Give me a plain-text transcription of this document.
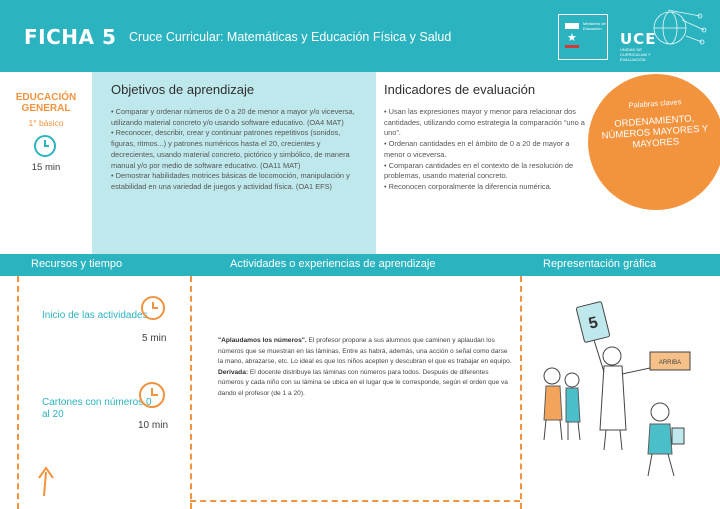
FICHA 5 Cruce Curricular: Matemáticas y Educación Física y Salud	★
Ministerio de Educación
UCE
UNIDAD DE CURRICULUM Y EVALUACIÓN
EDUCACIÓN GENERAL
1° básico
15 min
Objetivos de aprendizaje
• Comparar y ordenar números de 0 a 20 de menor a mayor y/o viceversa, utilizando material concreto y/o usando software educativo. (OA4 MAT)
• Reconocer, describir, crear y continuar patrones repetitivos (sonidos, figuras, ritmos...) y patrones numéricos hasta el 20, crecientes y decrecientes, usando material concreto, pictórico y simbólico, de manera manual y/o por medio de software educativo. (OA11 MAT)
• Demostrar habilidades motrices básicas de locomoción, manipulación y estabilidad en una variedad de juegos y actividad física. (OA1 EFS)
Indicadores de evaluación
• Usan las expresiones mayor y menor para relacionar dos cantidades, utilizando como estrategia la comparación “uno a uno”.
• Ordenan cantidades en el ámbito de 0 a 20 de mayor a menor o viceversa.
• Comparan cantidades en el contexto de la resolución de problemas, usando material concreto.
• Reconocen corporalmente la diferencia numérica.
Palabras claves
ORDENAMIENTO, NÚMEROS MAYORES Y MAYORES
Recursos y tiempo	Actividades o experiencias de aprendizaje	Representación gráfica
Inicio de las actividades
5 min
Cartones con números 0 al 20
10 min
"Aplaudamos los números". El profesor propone a sus alumnos que caminen y aplaudan los números que se muestran en las láminas. Entre as habrá, además, una acción o señal como darse la mano, abrazarse, etc. Lo ideal es que los niños acepten y descubran el que es trabajar en equipo.
Derivada: El docente distribuye las láminas con números para todos. Después de diferentes números y cada niño con su lámina se ubica en el lugar que le corresponde, según el orden que va dando el profesor (de 1 a 20).
5
ARRIBA
